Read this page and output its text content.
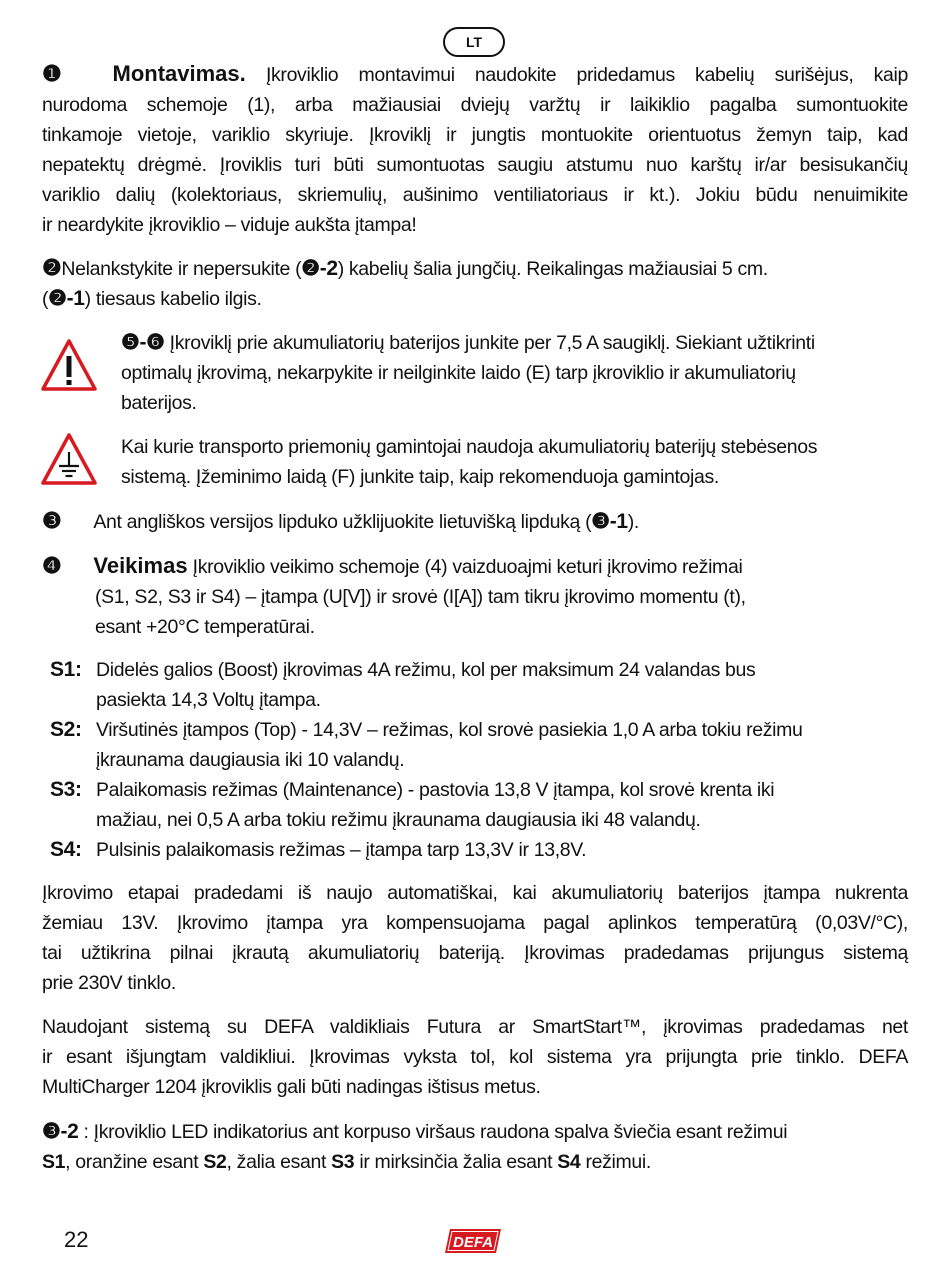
LT
❶ Montavimas. Įkroviklio montavimui naudokite pridedamus kabelių surišėjus, kaip
nurodoma schemoje (1), arba mažiausiai dviejų varžtų ir laikiklio pagalba sumontuokite
tinkamoje vietoje, variklio skyriuje. Įkroviklį ir jungtis montuokite orientuotus žemyn taip, kad
nepatektų drėgmė. Įroviklis turi būti sumontuotas saugiu atstumu nuo karštų ir/ar besisukančių
variklio dalių (kolektoriaus, skriemulių, aušinimo ventiliatoriaus ir kt.). Jokiu būdu nenuimikite
ir neardykite įkroviklio – viduje aukšta įtampa!
❷Nelankstykite ir nepersukite (❷-2) kabelių šalia jungčių. Reikalingas mažiausiai 5 cm.
(❷-1) tiesaus kabelio ilgis.
❺-❻ Įkroviklį prie akumuliatorių baterijos junkite per 7,5 A saugiklį. Siekiant užtikrinti
optimalų įkrovimą, nekarpykite ir neilginkite laido (E) tarp įkroviklio ir akumuliatorių
baterijos.
Kai kurie transporto priemonių gamintojai naudoja akumuliatorių baterijų stebėsenos
sistemą. Įžeminimo laidą (F) junkite taip, kaip rekomenduoja gamintojas.
❸ Ant angliškos versijos lipduko užklijuokite lietuvišką lipduką (❸-1).
❹ Veikimas Įkroviklio veikimo schemoje (4) vaizduoajmi keturi įkrovimo režimai
(S1, S2, S3 ir S4) – įtampa (U[V]) ir srovė (I[A]) tam tikru įkrovimo momentu (t),
esant +20°C temperatūrai.
S1: Didelės galios (Boost) įkrovimas 4A režimu, kol per maksimum 24 valandas bus
pasiekta 14,3 Voltų įtampa.
S2: Viršutinės įtampos (Top) - 14,3V – režimas, kol srovė pasiekia 1,0 A arba tokiu režimu
įkraunama daugiausia iki 10 valandų.
S3: Palaikomasis režimas (Maintenance) - pastovia 13,8 V įtampa, kol srovė krenta iki
mažiau, nei 0,5 A arba tokiu režimu įkraunama daugiausia iki 48 valandų.
S4: Pulsinis palaikomasis režimas – įtampa tarp 13,3V ir 13,8V.
Įkrovimo etapai pradedami iš naujo automatiškai, kai akumuliatorių baterijos įtampa nukrenta
žemiau 13V. Įkrovimo įtampa yra kompensuojama pagal aplinkos temperatūrą (0,03V/°C),
tai užtikrina pilnai įkrautą akumuliatorių bateriją. Įkrovimas pradedamas prijungus sistemą
prie 230V tinklo.
Naudojant sistemą su DEFA valdikliais Futura ar SmartStart™, įkrovimas pradedamas net
ir esant išjungtam valdikliui. Įkrovimas vyksta tol, kol sistema yra prijungta prie tinklo. DEFA
MultiCharger 1204 įkroviklis gali būti nadingas ištisus metus.
❸-2 : Įkroviklio LED indikatorius ant korpuso viršaus raudona spalva šviečia esant režimui
S1, oranžine esant S2, žalia esant S3 ir mirksinčia žalia esant S4 režimui.
22	DEFA
